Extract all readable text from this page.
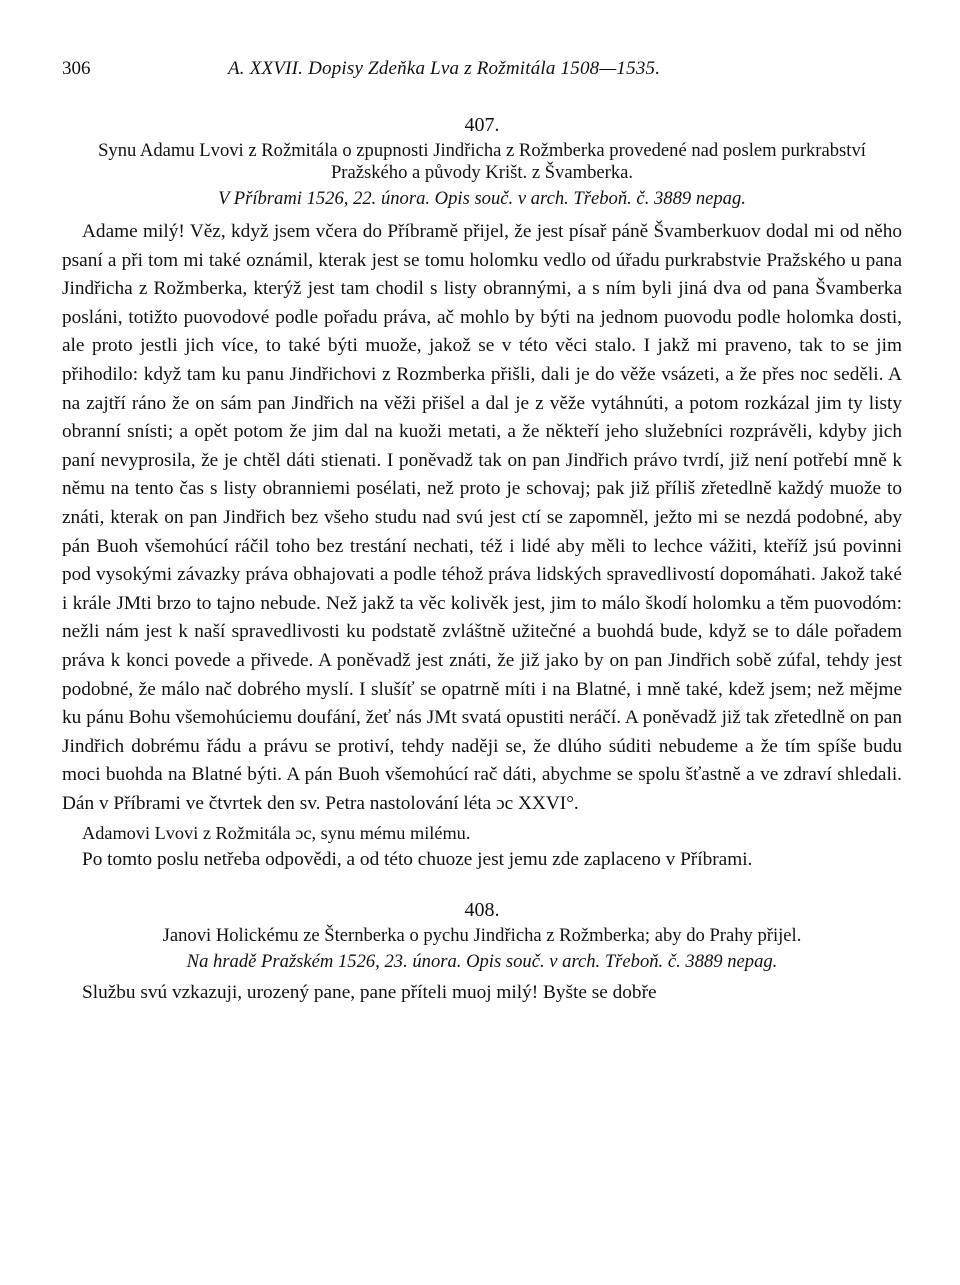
306	A. XXVII. Dopisy Zdeňka Lva z Rožmitála 1508—1535.
407.

Synu Adamu Lvovi z Rožmitála o zpupnosti Jindřicha z Rožmberka provedené nad poslem purkrabství Pražského a původy Krišt. z Švamberka.

V Příbrami 1526, 22. února. Opis souč. v arch. Třeboň. č. 3889 nepag.

Adame milý! Věz, když jsem včera do Příbramě přijel, že jest písař páně Švamberkuov dodal mi od něho psaní a při tom mi také oznámil, kterak jest se tomu holomku vedlo od úřadu purkrabstvie Pražského u pana Jindřicha z Rožmberka, kterýž jest tam chodil s listy obrannými, a s ním byli jiná dva od pana Švamberka posláni, totižto puovodové podle pořadu práva, ač mohlo by býti na jednom puovodu podle holomka dosti, ale proto jestli jich více, to také býti muože, jakož se v této věci stalo. I jakž mi praveno, tak to se jim přihodilo: když tam ku panu Jindřichovi z Rozmberka přišli, dali je do věže vsázeti, a že přes noc seděli. A na zajtří ráno že on sám pan Jindřich na věži přišel a dal je z věže vytáhnúti, a potom rozkázal jim ty listy obranní snísti; a opět potom že jim dal na kuoži metati, a že někteří jeho služebníci rozprávěli, kdyby jich paní nevyprosila, že je chtěl dáti stienati. I poněvadž tak on pan Jindřich právo tvrdí, již není potřebí mně k němu na tento čas s listy obranniemi posélati, než proto je schovaj; pak již příliš zřetedlně každý muože to znáti, kterak on pan Jindřich bez všeho studu nad svú jest ctí se zapomněl, ježto mi se nezdá podobné, aby pán Buoh všemohúcí ráčil toho bez trestání nechati, též i lidé aby měli to lechce vážiti, kteříž jsú povinni pod vysokými závazky práva obhajovati a podle téhož práva lidských spravedlivostí dopomáhati. Jakož také i krále JMti brzo to tajno nebude. Než jakž ta věc kolivěk jest, jim to málo škodí holomku a těm puovodóm: nežli nám jest k naší spravedlivosti ku podstatě zvláštně užitečné a buohdá bude, když se to dále pořadem práva k konci povede a přivede. A poněvadž jest znáti, že již jako by on pan Jindřich sobě zúfal, tehdy jest podobné, že málo nač dobrého myslí. I slušíť se opatrně míti i na Blatné, i mně také, kdež jsem; než mějme ku pánu Bohu všemohúciemu doufání, žeť nás JMt svatá opustiti neráčí. A poněvadž již tak zřetedlně on pan Jindřich dobrému řádu a právu se protiví, tehdy naději se, že dlúho súditi nebudeme a že tím spíše budu moci buohda na Blatné býti. A pán Buoh všemohúcí rač dáti, abychme se spolu šťastně a ve zdraví shledali. Dán v Příbrami ve čtvrtek den sv. Petra nastolování léta ɔc XXVI°.

Adamovi Lvovi z Rožmitála ɔc, synu mému milému.

Po tomto poslu netřeba odpovědi, a od této chuoze jest jemu zde zaplaceno v Příbrami.

408.

Janovi Holickému ze Šternberka o pychu Jindřicha z Rožmberka; aby do Prahy přijel.

Na hradě Pražském 1526, 23. února. Opis souč. v arch. Třeboň. č. 3889 nepag.

Službu svú vzkazuji, urozený pane, pane příteli muoj milý! Byšte se dobře
